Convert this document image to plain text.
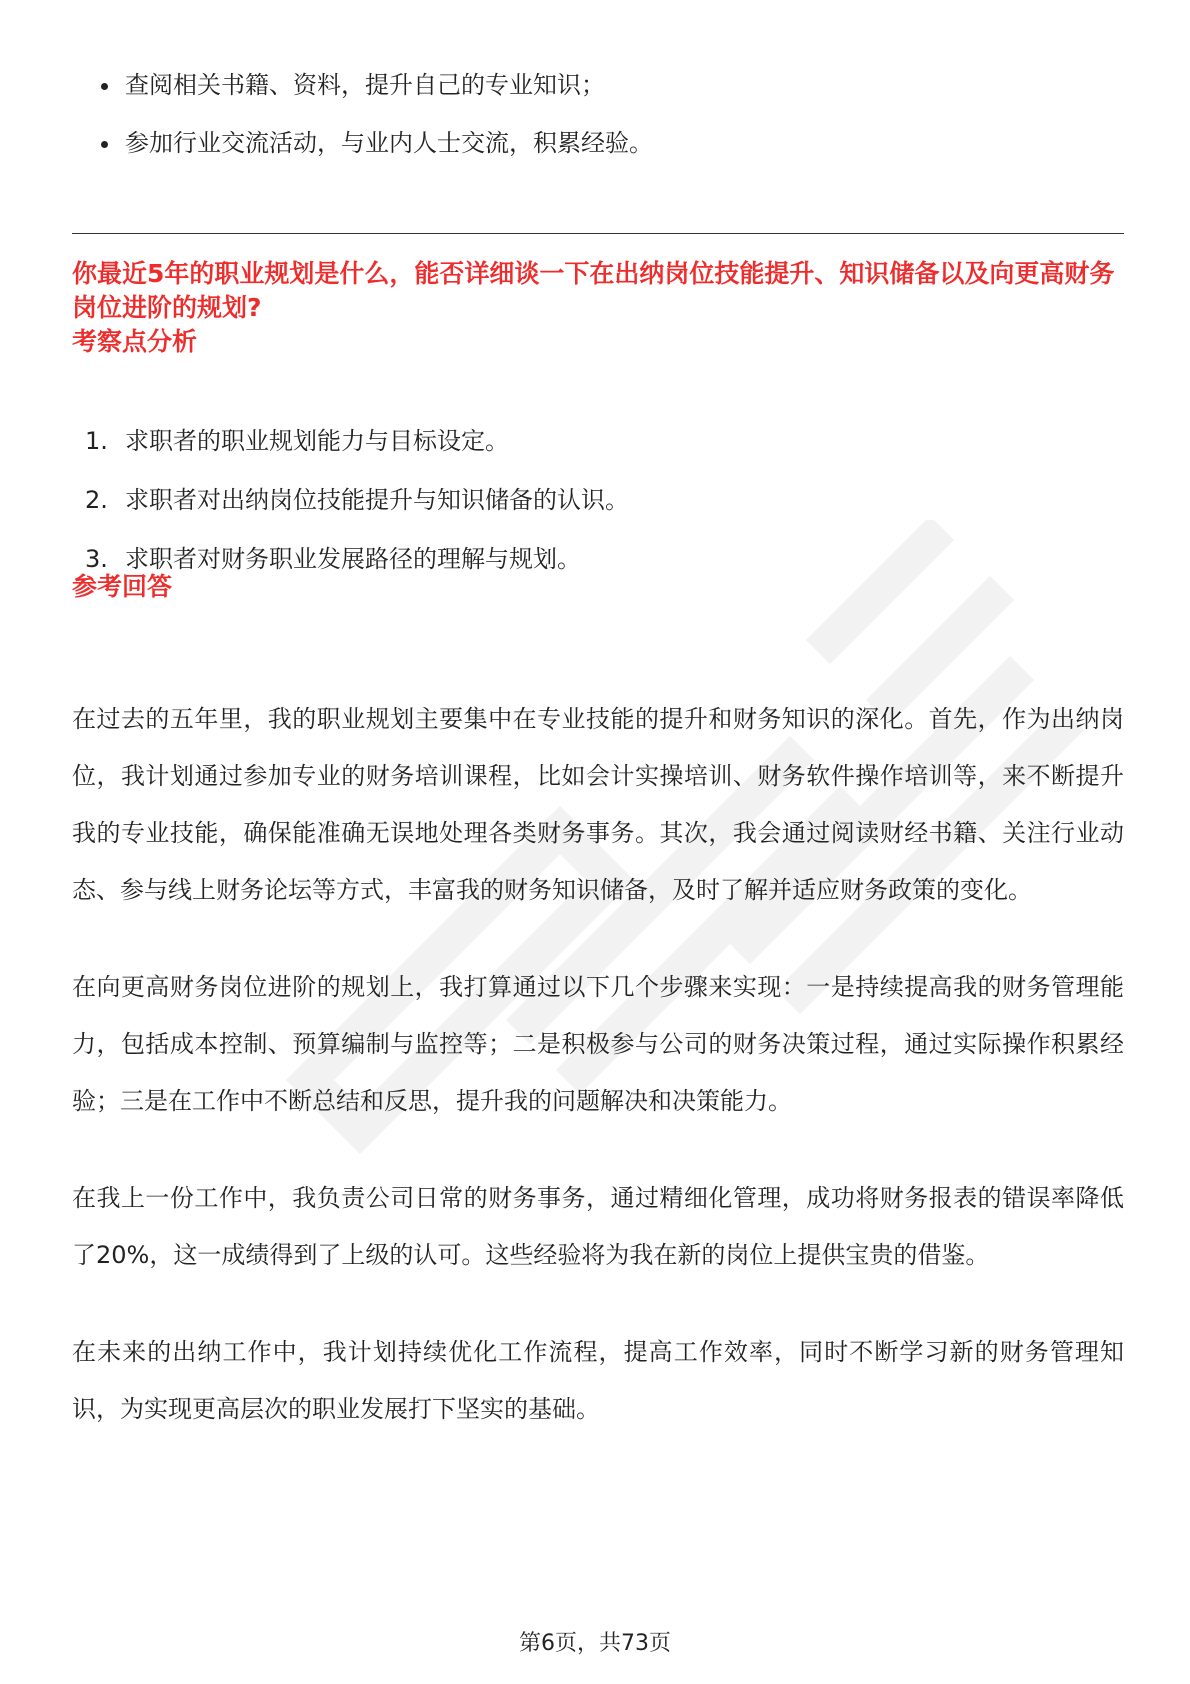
查阅相关书籍、资料，提升自己的专业知识；
参加行业交流活动，与业内人士交流，积累经验。
你最近5年的职业规划是什么，能否详细谈一下在出纳岗位技能提升、知识储备以及向更高财务岗位进阶的规划?
考察点分析
1. 求职者的职业规划能力与目标设定。
2. 求职者对出纳岗位技能提升与知识储备的认识。
3. 求职者对财务职业发展路径的理解与规划。
参考回答

在过去的五年里，我的职业规划主要集中在专业技能的提升和财务知识的深化。首先，作为出纳岗位，我计划通过参加专业的财务培训课程，比如会计实操培训、财务软件操作培训等，来不断提升我的专业技能，确保能准确无误地处理各类财务事务。其次，我会通过阅读财经书籍、关注行业动态、参与线上财务论坛等方式，丰富我的财务知识储备，及时了解并适应财务政策的变化。

在向更高财务岗位进阶的规划上，我打算通过以下几个步骤来实现：一是持续提高我的财务管理能力，包括成本控制、预算编制与监控等；二是积极参与公司的财务决策过程，通过实际操作积累经验；三是在工作中不断总结和反思，提升我的问题解决和决策能力。

在我上一份工作中，我负责公司日常的财务事务，通过精细化管理，成功将财务报表的错误率降低了20%，这一成绩得到了上级的认可。这些经验将为我在新的岗位上提供宝贵的借鉴。

在未来的出纳工作中，我计划持续优化工作流程，提高工作效率，同时不断学习新的财务管理知识，为实现更高层次的职业发展打下坚实的基础。

第6页，共73页
